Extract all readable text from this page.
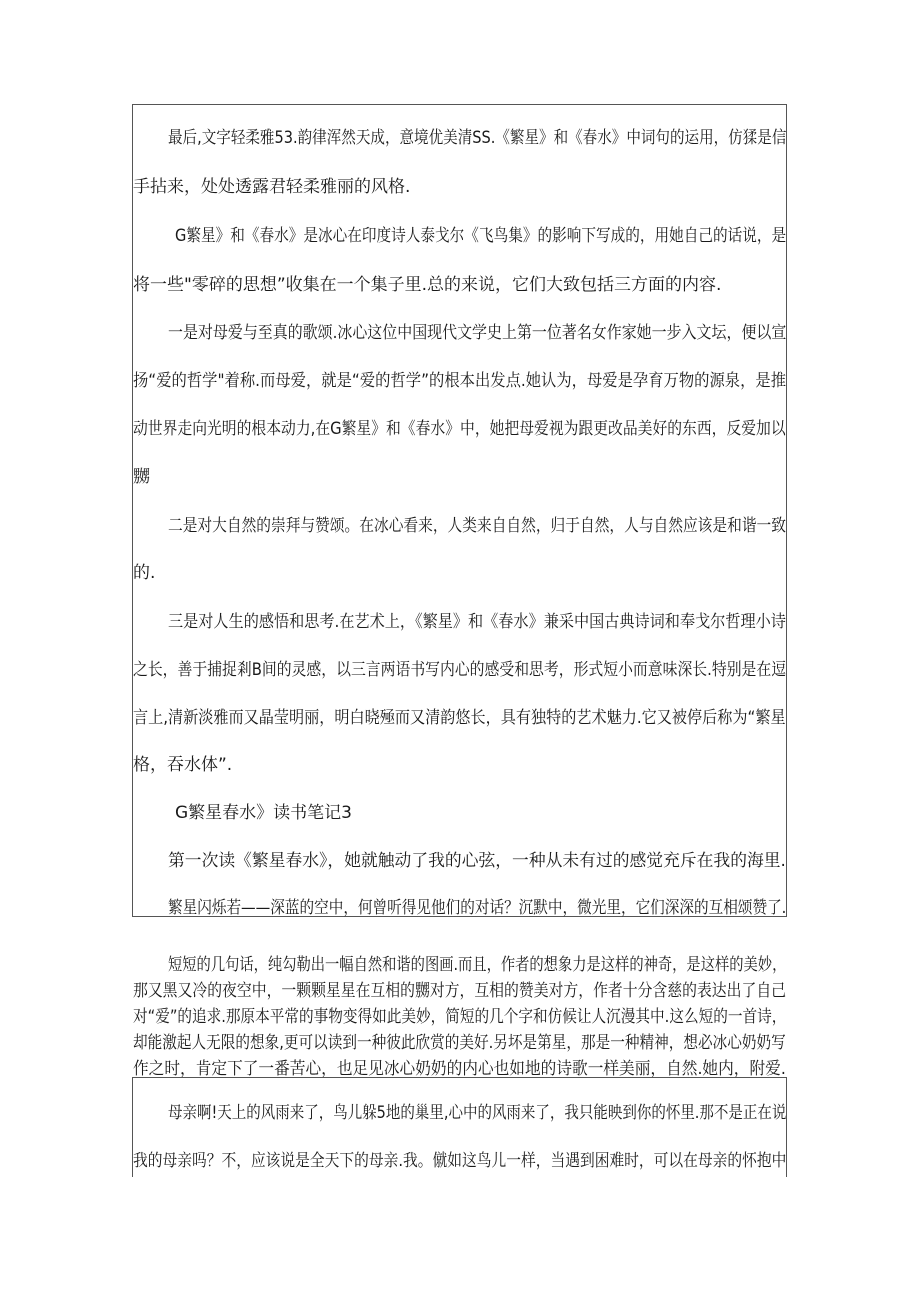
最后,文字轻柔雅53.韵律浑然天成，意境优美清SS.《繁星》和《春水》中词句的运用，仿猱是信
手拈来，处处透露君轻柔雅丽的风格.
G繁星》和《春水》是冰心在印度诗人泰戈尔《飞鸟集》的影响下写成的，用她自己的话说，是
将一些"零碎的思想”收集在一个集子里.总的来说，它们大致包括三方面的内容.
一是对母爱与至真的歌颂.冰心这位中国现代文学史上第一位著名女作家她一步入文坛，便以宣
扬“爱的哲学"着称.而母爱，就是“爱的哲学”的根本出发点.她认为，母爱是孕育万物的源泉，是推
动世界走向光明的根本动力,在G繁星》和《春水》中，她把母爱视为跟更改品美好的东西，反爱加以
嬲
二是对大自然的崇拜与赞颂。在冰心看来，人类来自自然，归于自然，人与自然应该是和谐一致
的.
三是对人生的感悟和思考.在艺术上，《繁星》和《春水》兼采中国古典诗词和奉戈尔哲理小诗
之长，善于捕捉剎B间的灵感，以三言两语书写内心的感受和思考，形式短小而意味深长.特别是在逗
言上,清新淡雅而又晶莹明丽，明白晓殛而又清韵悠长，具有独特的艺术魅力.它又被停后称为“繁星
格，吞水体”.
G繁星春水》读书笔记3
第一次读《繁星春水》，她就触动了我的心弦，一种从未有过的感觉充斥在我的海里.
繁星闪烁若——深蓝的空中，何曾听得见他们的对话？沉默中，微光里，它们深深的互相颂赞了.
短短的几句话，纯勾勒出一幅自然和谐的图画.而且，作者的想象力是这样的神奇，是这样的美妙，
那又黑又冷的夜空中，一颗颗星星在互相的嬲对方，互相的赞美对方，作者十分含慈的表达出了自己
对“爱”的追求.那原本平常的事物变得如此美妙，简短的几个字和仿候让人沉漫其中.这么短的一首诗，
却能激起人无限的想象,更可以读到一种彼此欣赏的美好.另坏是第星，那是一种精神，想必冰心奶奶写
作之时，肯定下了一番苦心，也足见冰心奶奶的内心也如地的诗歌一样美丽，自然.她内，附爱.
母亲啊!天上的风雨来了，鸟儿躲5地的巢里,心中的风雨来了，我只能映到你的怀里.那不是正在说
我的母亲吗？不，应该说是全天下的母亲.我。僦如这鸟儿一样，当遇到困难时，可以在母亲的怀抱中
